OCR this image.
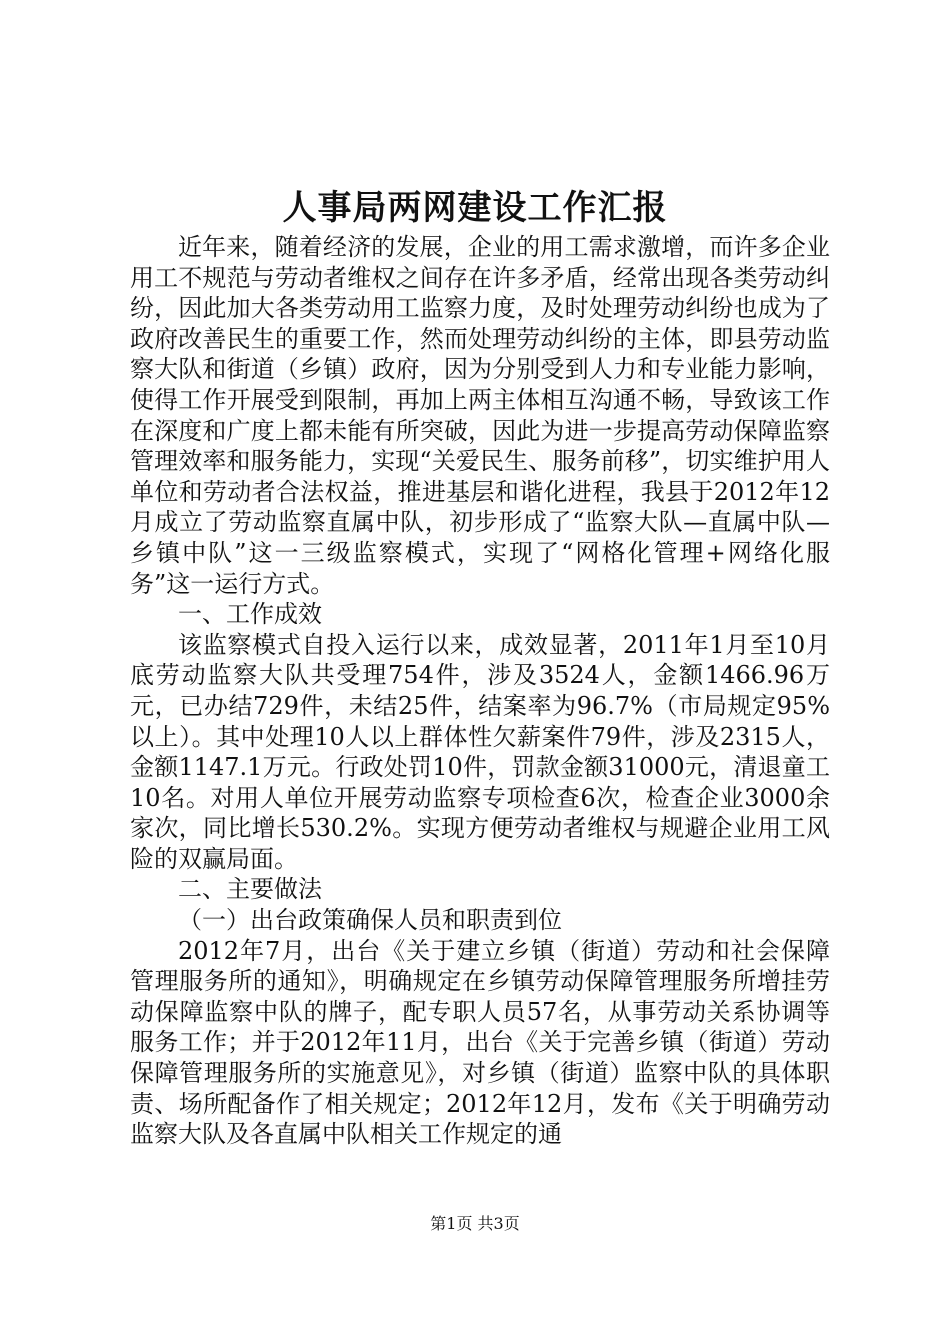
人事局两网建设工作汇报

近年来，随着经济的发展，企业的用工需求激增，而许多企业用工不规范与劳动者维权之间存在许多矛盾，经常出现各类劳动纠纷，因此加大各类劳动用工监察力度，及时处理劳动纠纷也成为了政府改善民生的重要工作，然而处理劳动纠纷的主体，即县劳动监察大队和街道（乡镇）政府，因为分别受到人力和专业能力影响，使得工作开展受到限制，再加上两主体相互沟通不畅，导致该工作在深度和广度上都未能有所突破，因此为进一步提高劳动保障监察管理效率和服务能力，实现“关爱民生、服务前移”，切实维护用人单位和劳动者合法权益，推进基层和谐化进程，我县于2012年12月成立了劳动监察直属中队，初步形成了“监察大队—直属中队—乡镇中队”这一三级监察模式，实现了“网格化管理+网络化服务”这一运行方式。

一、工作成效

该监察模式自投入运行以来，成效显著，2011年1月至10月底劳动监察大队共受理754件，涉及3524人，金额1466.96万元，已办结729件，未结25件，结案率为96.7%（市局规定95%以上）。其中处理10人以上群体性欠薪案件79件，涉及2315人，金额1147.1万元。行政处罚10件，罚款金额31000元，清退童工10名。对用人单位开展劳动监察专项检查6次，检查企业3000余家次，同比增长530.2%。实现方便劳动者维权与规避企业用工风险的双赢局面。

二、主要做法

（一）出台政策确保人员和职责到位

2012年7月，出台《关于建立乡镇（街道）劳动和社会保障管理服务所的通知》，明确规定在乡镇劳动保障管理服务所增挂劳动保障监察中队的牌子，配专职人员57名，从事劳动关系协调等服务工作；并于2012年11月，出台《关于完善乡镇（街道）劳动保障管理服务所的实施意见》，对乡镇（街道）监察中队的具体职责、场所配备作了相关规定；2012年12月，发布《关于明确劳动监察大队及各直属中队相关工作规定的通

第1页 共3页
